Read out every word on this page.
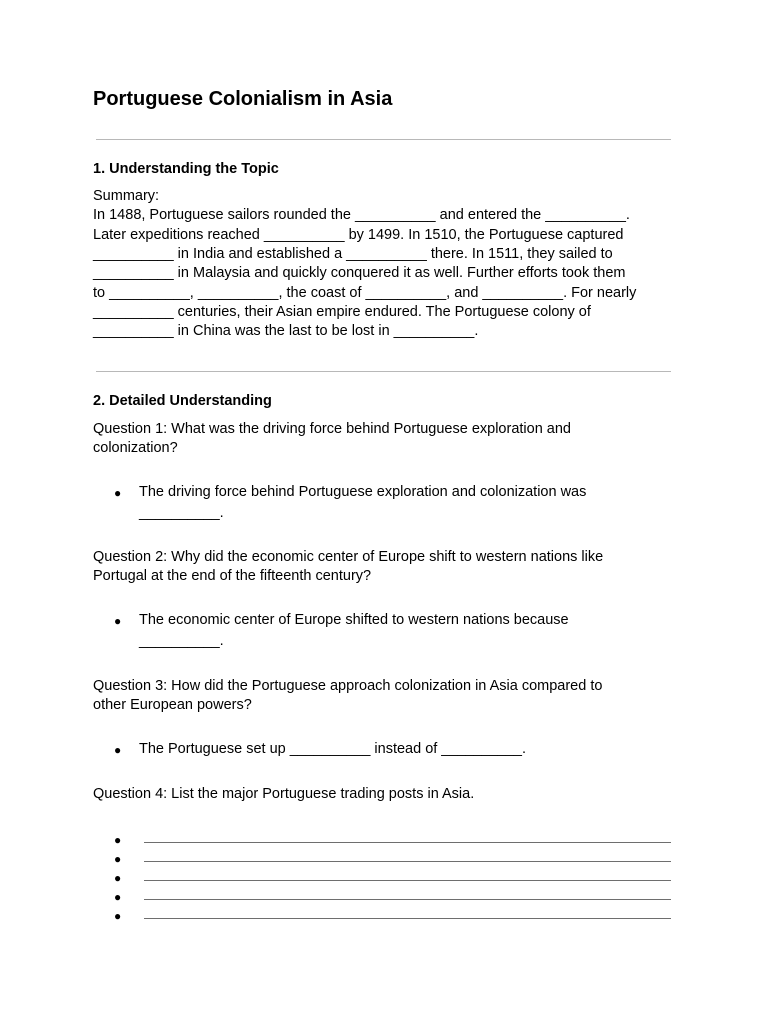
Portuguese Colonialism in Asia
1. Understanding the Topic
Summary:
In 1488, Portuguese sailors rounded the __________ and entered the __________.
Later expeditions reached __________ by 1499. In 1510, the Portuguese captured
__________ in India and established a __________ there. In 1511, they sailed to
__________ in Malaysia and quickly conquered it as well. Further efforts took them
to __________, __________, the coast of __________, and __________. For nearly
__________ centuries, their Asian empire endured. The Portuguese colony of
__________ in China was the last to be lost in __________.
2. Detailed Understanding
Question 1: What was the driving force behind Portuguese exploration and
colonization?
● The driving force behind Portuguese exploration and colonization was
__________.
Question 2: Why did the economic center of Europe shift to western nations like
Portugal at the end of the fifteenth century?
● The economic center of Europe shifted to western nations because
__________.
Question 3: How did the Portuguese approach colonization in Asia compared to
other European powers?
● The Portuguese set up __________ instead of __________.
Question 4: List the major Portuguese trading posts in Asia.
●
●
●
●
●
